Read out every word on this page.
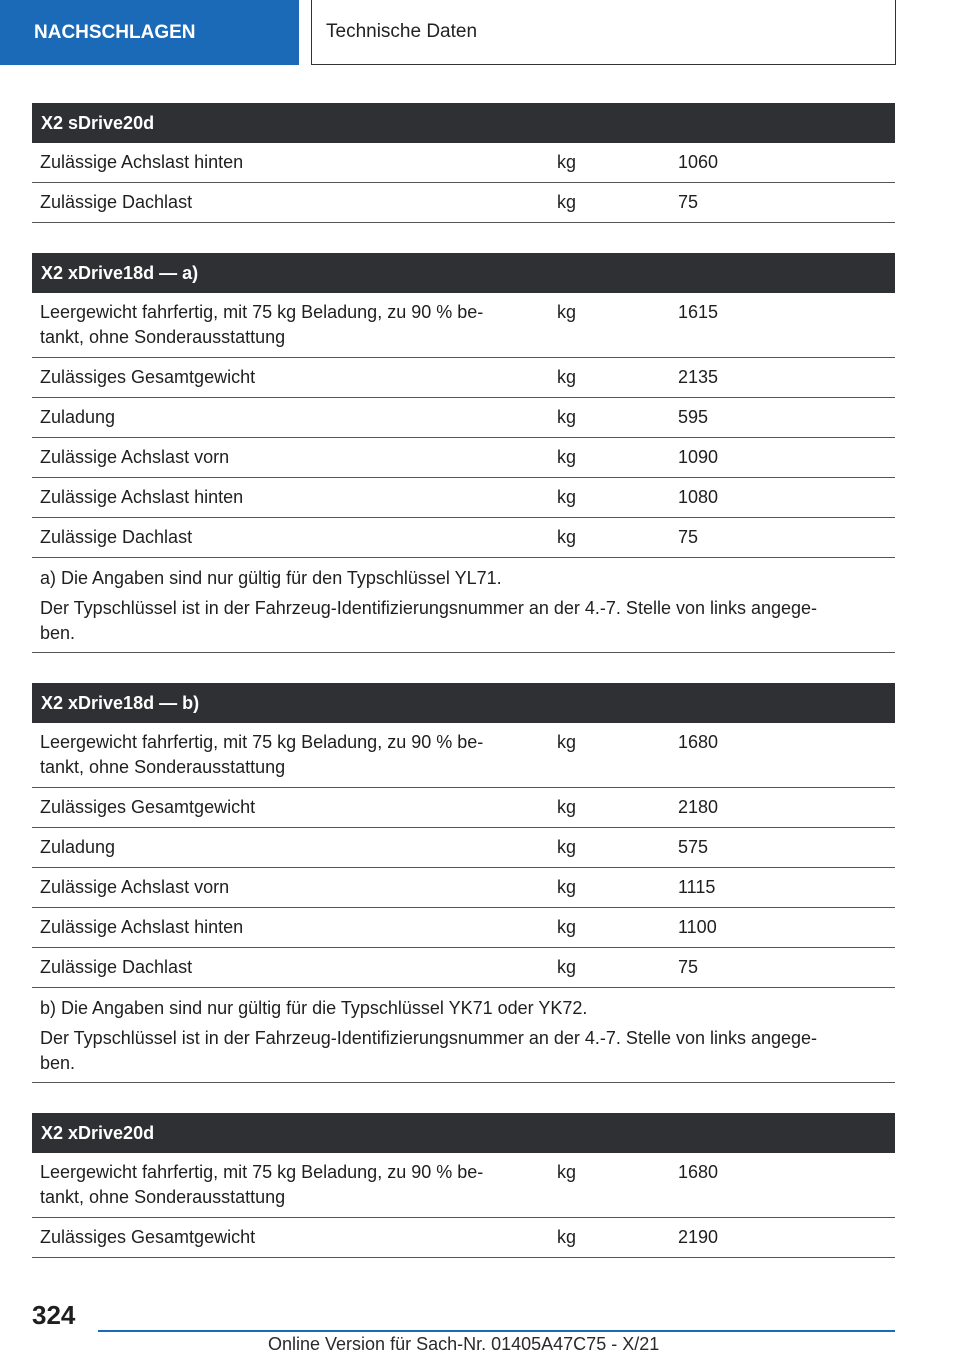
NACHSCHLAGEN	Technische Daten
X2 sDrive20d
Zulässige Achslast hinten	kg	1060
Zulässige Dachlast	kg	75
X2 xDrive18d — a)
Leergewicht fahrfertig, mit 75 kg Beladung, zu 90 % be-
tankt, ohne Sonderausstattung
kg	1615
Zulässiges Gesamtgewicht	kg	2135
Zuladung	kg	595
Zulässige Achslast vorn	kg	1090
Zulässige Achslast hinten	kg	1080
Zulässige Dachlast	kg	75

a) Die Angaben sind nur gültig für den Typschlüssel YL71.

Der Typschlüssel ist in der Fahrzeug-Identifizierungsnummer an der 4.-7. Stelle von links angege-
ben.

X2 xDrive18d — b)
Leergewicht fahrfertig, mit 75 kg Beladung, zu 90 % be-
tankt, ohne Sonderausstattung
kg	1680
Zulässiges Gesamtgewicht	kg	2180
Zuladung	kg	575
Zulässige Achslast vorn	kg	1115
Zulässige Achslast hinten	kg	1100
Zulässige Dachlast	kg	75

b) Die Angaben sind nur gültig für die Typschlüssel YK71 oder YK72.

Der Typschlüssel ist in der Fahrzeug-Identifizierungsnummer an der 4.-7. Stelle von links angege-
ben.

X2 xDrive20d
Leergewicht fahrfertig, mit 75 kg Beladung, zu 90 % be-
tankt, ohne Sonderausstattung
kg	1680
Zulässiges Gesamtgewicht	kg	2190
324
Online Version für Sach-Nr. 01405A47C75 - X/21
